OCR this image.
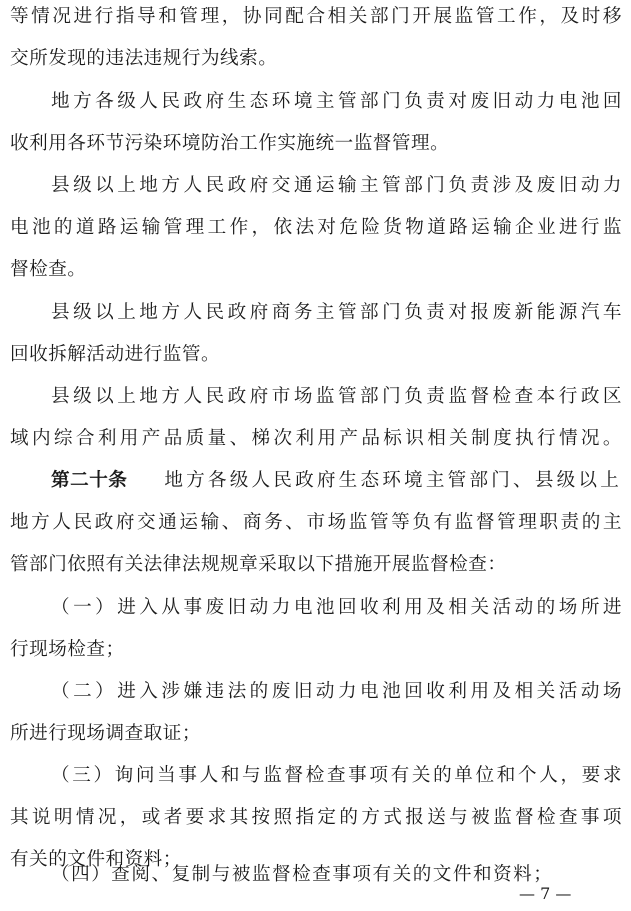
等情况进行指导和管理，协同配合相关部门开展监管工作，及时移
交所发现的违法违规行为线索。
地方各级人民政府生态环境主管部门负责对废旧动力电池回
收利用各环节污染环境防治工作实施统一监督管理。
县级以上地方人民政府交通运输主管部门负责涉及废旧动力
电池的道路运输管理工作，依法对危险货物道路运输企业进行监
督检查。
县级以上地方人民政府商务主管部门负责对报废新能源汽车
回收拆解活动进行监管。
县级以上地方人民政府市场监管部门负责监督检查本行政区
域内综合利用产品质量、梯次利用产品标识相关制度执行情况。
第二十条 地方各级人民政府生态环境主管部门、县级以上
地方人民政府交通运输、商务、市场监管等负有监督管理职责的主
管部门依照有关法律法规规章采取以下措施开展监督检查：
（一）进入从事废旧动力电池回收利用及相关活动的场所进
行现场检查；
（二）进入涉嫌违法的废旧动力电池回收利用及相关活动场
所进行现场调查取证；
（三）询问当事人和与监督检查事项有关的单位和个人，要求
其说明情况，或者要求其按照指定的方式报送与被监督检查事项
有关的文件和资料；
（四）查阅、复制与被监督检查事项有关的文件和资料；
— 7 —
